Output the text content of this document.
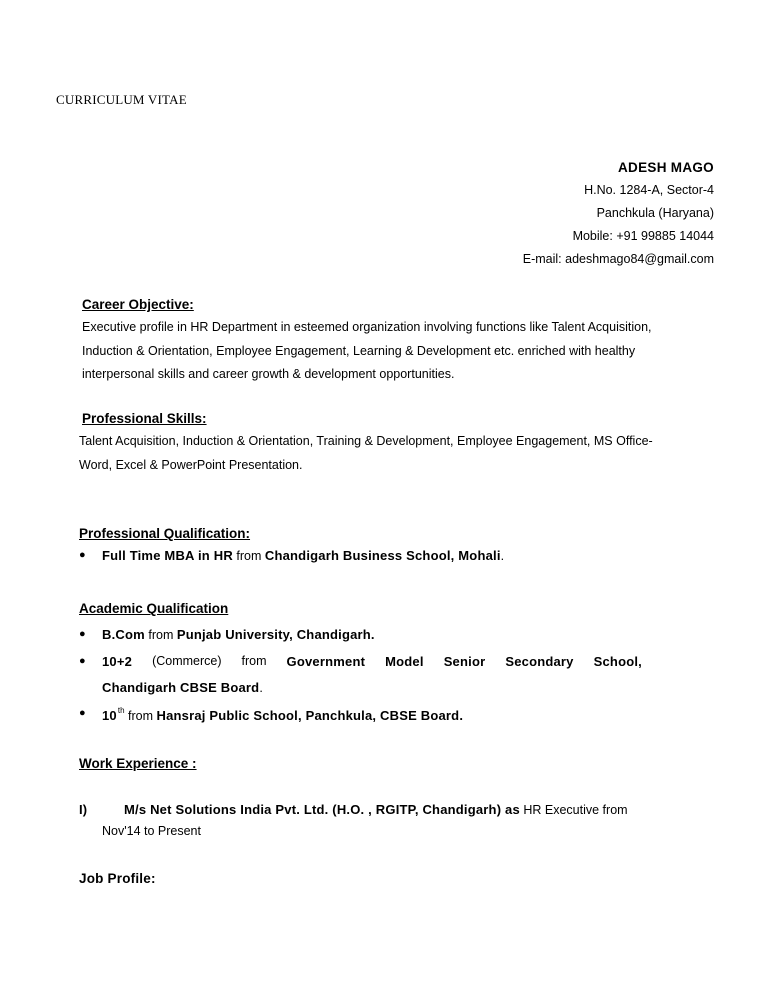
CURRICULUM VITAE
ADESH MAGO
H.No. 1284-A, Sector-4
Panchkula (Haryana)
Mobile: +91 99885 14044
E-mail: adeshmago84@gmail.com
Career Objective:
Executive profile in HR Department in esteemed organization involving functions like Talent Acquisition,
Induction & Orientation, Employee Engagement, Learning & Development etc. enriched with healthy
interpersonal skills and career growth & development opportunities.
Professional Skills:
Talent Acquisition, Induction & Orientation, Training & Development, Employee Engagement, MS Office-
Word, Excel & PowerPoint Presentation.
Professional Qualification:
● Full Time MBA in HR from Chandigarh Business School, Mohali.
Academic Qualification
● B.Com from Punjab University, Chandigarh.
● 10+2 (Commerce) from Government Model Senior Secondary School,
Chandigarh CBSE Board.
● 10th from Hansraj Public School, Panchkula, CBSE Board.
Work Experience :
I)	M/s Net Solutions India Pvt. Ltd. (H.O. , RGITP, Chandigarh) as HR Executive from
Nov'14 to Present
Job Profile:
